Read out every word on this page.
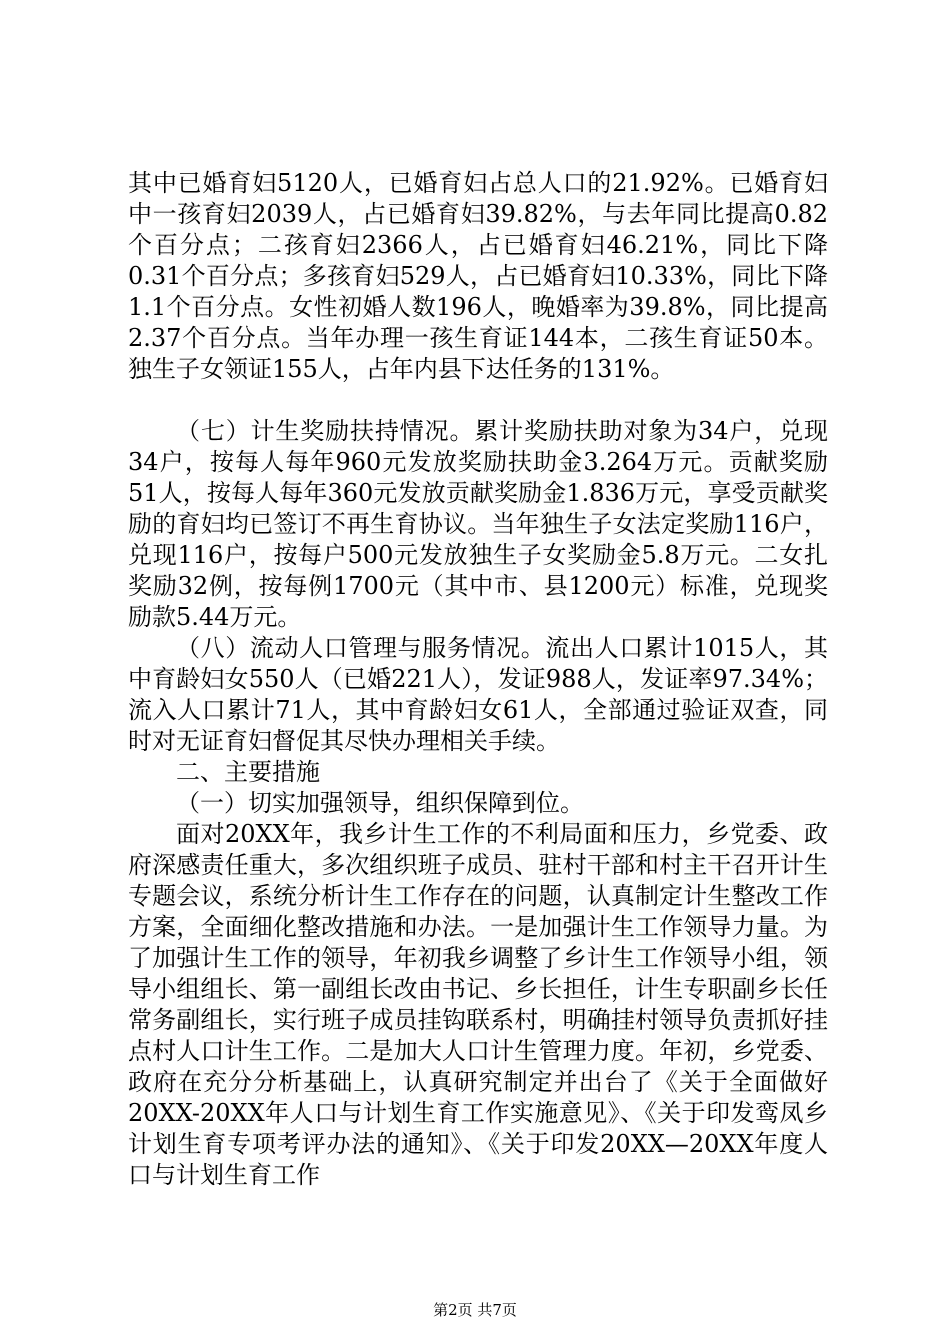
其中已婚育妇5120人，已婚育妇占总人口的21.92%。已婚育妇中一孩育妇2039人，占已婚育妇39.82%，与去年同比提高0.82个百分点；二孩育妇2366人，占已婚育妇46.21%，同比下降0.31个百分点；多孩育妇529人，占已婚育妇10.33%，同比下降1.1个百分点。女性初婚人数196人，晚婚率为39.8%，同比提高2.37个百分点。当年办理一孩生育证144本，二孩生育证50本。独生子女领证155人，占年内县下达任务的131%。

（七）计生奖励扶持情况。累计奖励扶助对象为34户，兑现34户，按每人每年960元发放奖励扶助金3.264万元。贡献奖励51人，按每人每年360元发放贡献奖励金1.836万元，享受贡献奖励的育妇均已签订不再生育协议。当年独生子女法定奖励116户，兑现116户，按每户500元发放独生子女奖励金5.8万元。二女扎奖励32例，按每例1700元（其中市、县1200元）标准，兑现奖励款5.44万元。

（八）流动人口管理与服务情况。流出人口累计1015人，其中育龄妇女550人（已婚221人），发证988人，发证率97.34%；流入人口累计71人，其中育龄妇女61人，全部通过验证双查，同时对无证育妇督促其尽快办理相关手续。

二、主要措施

（一）切实加强领导，组织保障到位。

面对20XX年，我乡计生工作的不利局面和压力，乡党委、政府深感责任重大，多次组织班子成员、驻村干部和村主干召开计生专题会议，系统分析计生工作存在的问题，认真制定计生整改工作方案，全面细化整改措施和办法。一是加强计生工作领导力量。为了加强计生工作的领导，年初我乡调整了乡计生工作领导小组，领导小组组长、第一副组长改由书记、乡长担任，计生专职副乡长任常务副组长，实行班子成员挂钩联系村，明确挂村领导负责抓好挂点村人口计生工作。二是加大人口计生管理力度。年初，乡党委、政府在充分分析基础上，认真研究制定并出台了《关于全面做好20XX-20XX年人口与计划生育工作实施意见》、《关于印发鸾凤乡计划生育专项考评办法的通知》、《关于印发20XX—20XX年度人口与计划生育工作

第2页 共7页
